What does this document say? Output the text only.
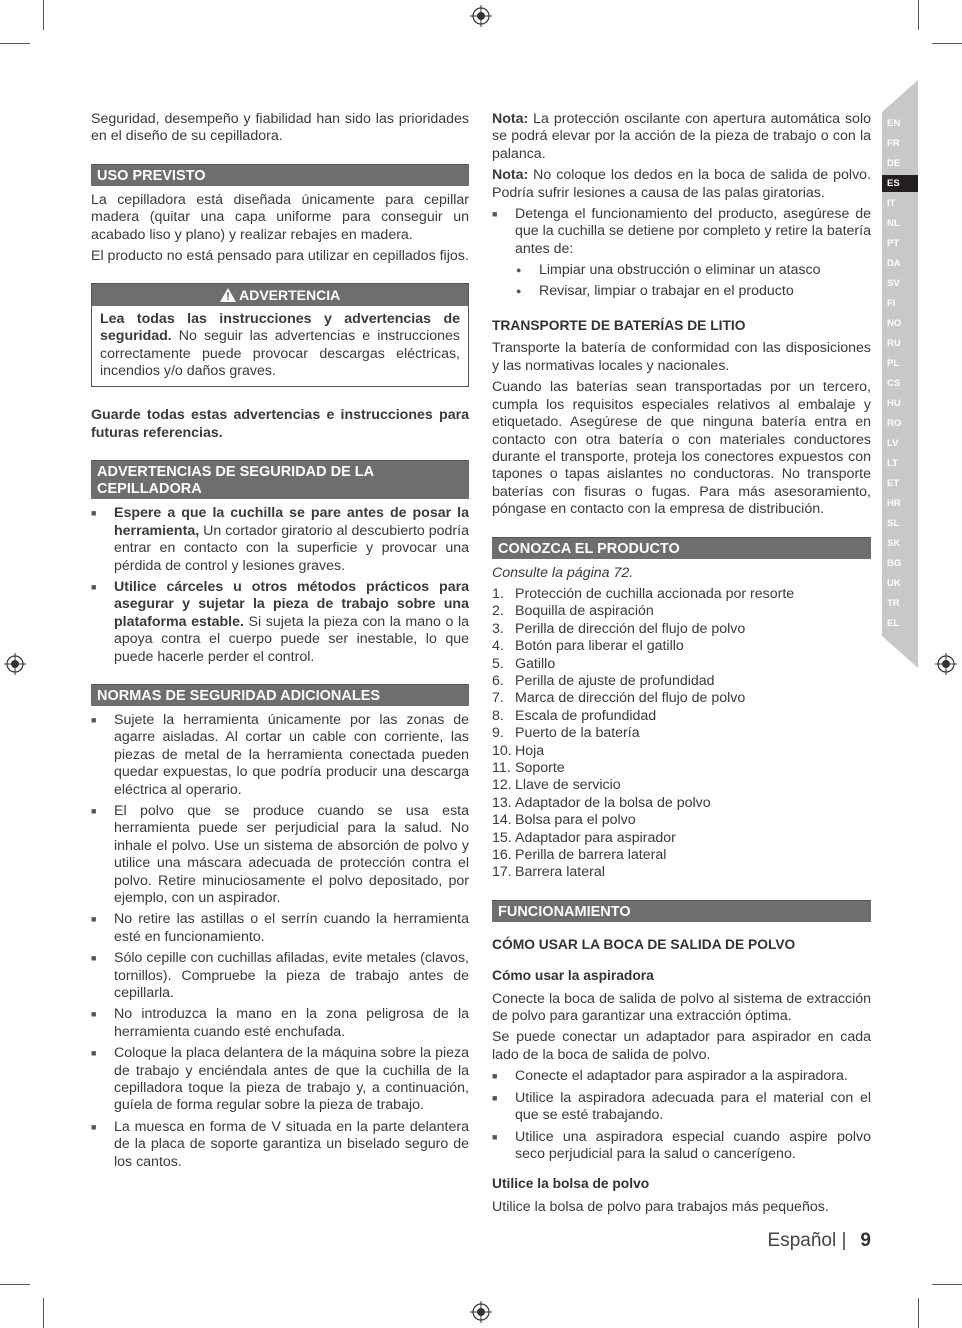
EN
FR
DE
ES
IT
NL
PT
DA
SV
FI
NO
RU
PL
CS
HU
RO
LV
LT
ET
HR
SL
SK
BG
UK
TR
EL

Seguridad, desempeño y fiabilidad han sido las prioridades en el diseño de su cepilladora.

USO PREVISTO

La cepilladora está diseñada únicamente para cepillar madera (quitar una capa uniforme para conseguir un acabado liso y plano) y realizar rebajes en madera.

El producto no está pensado para utilizar en cepillados fijos.

ADVERTENCIA

Lea todas las instrucciones y advertencias de seguridad. No seguir las advertencias e instrucciones correctamente puede provocar descargas eléctricas, incendios y/o daños graves.

Guarde todas estas advertencias e instrucciones para futuras referencias.

ADVERTENCIAS DE SEGURIDAD DE LA CEPILLADORA
■ Espere a que la cuchilla se pare antes de posar la herramienta, Un cortador giratorio al descubierto podría entrar en contacto con la superficie y provocar una pérdida de control y lesiones graves.
■ Utilice cárceles u otros métodos prácticos para asegurar y sujetar la pieza de trabajo sobre una plataforma estable. Si sujeta la pieza con la mano o la apoya contra el cuerpo puede ser inestable, lo que puede hacerle perder el control.
NORMAS DE SEGURIDAD ADICIONALES
■ Sujete la herramienta únicamente por las zonas de agarre aisladas. Al cortar un cable con corriente, las piezas de metal de la herramienta conectada pueden quedar expuestas, lo que podría producir una descarga eléctrica al operario.
■ El polvo que se produce cuando se usa esta herramienta puede ser perjudicial para la salud. No inhale el polvo. Use un sistema de absorción de polvo y utilice una máscara adecuada de protección contra el polvo. Retire minuciosamente el polvo depositado, por ejemplo, con un aspirador.
■ No retire las astillas o el serrín cuando la herramienta esté en funcionamiento.
■ Sólo cepille con cuchillas afiladas, evite metales (clavos, tornillos). Compruebe la pieza de trabajo antes de cepillarla.
■ No introduzca la mano en la zona peligrosa de la herramienta cuando esté enchufada.
■ Coloque la placa delantera de la máquina sobre la pieza de trabajo y enciéndala antes de que la cuchilla de la cepilladora toque la pieza de trabajo y, a continuación, guíela de forma regular sobre la pieza de trabajo.
■ La muesca en forma de V situada en la parte delantera de la placa de soporte garantiza un biselado seguro de los cantos.

Nota: La protección oscilante con apertura automática solo se podrá elevar por la acción de la pieza de trabajo o con la palanca.

Nota: No coloque los dedos en la boca de salida de polvo. Podría sufrir lesiones a causa de las palas giratorias.

■ Detenga el funcionamiento del producto, asegúrese de que la cuchilla se detiene por completo y retire la batería antes de:
● Limpiar una obstrucción o eliminar un atasco
● Revisar, limpiar o trabajar en el producto
TRANSPORTE DE BATERÍAS DE LITIO

Transporte la batería de conformidad con las disposiciones y las normativas locales y nacionales.

Cuando las baterías sean transportadas por un tercero, cumpla los requisitos especiales relativos al embalaje y etiquetado. Asegúrese de que ninguna batería entra en contacto con otra batería o con materiales conductores durante el transporte, proteja los conectores expuestos con tapones o tapas aislantes no conductoras. No transporte baterías con fisuras o fugas. Para más asesoramiento, póngase en contacto con la empresa de distribución.

CONOZCA EL PRODUCTO

Consulte la página 72.

1. Protección de cuchilla accionada por resorte
2. Boquilla de aspiración
3. Perilla de dirección del flujo de polvo
4. Botón para liberar el gatillo
5. Gatillo
6. Perilla de ajuste de profundidad
7. Marca de dirección del flujo de polvo
8. Escala de profundidad
9. Puerto de la batería
10. Hoja
11. Soporte
12. Llave de servicio
13. Adaptador de la bolsa de polvo
14. Bolsa para el polvo
15. Adaptador para aspirador
16. Perilla de barrera lateral
17. Barrera lateral
FUNCIONAMIENTO
CÓMO USAR LA BOCA DE SALIDA DE POLVO
Cómo usar la aspiradora

Conecte la boca de salida de polvo al sistema de extracción de polvo para garantizar una extracción óptima.

Se puede conectar un adaptador para aspirador en cada lado de la boca de salida de polvo.

■ Conecte el adaptador para aspirador a la aspiradora.
■ Utilice la aspiradora adecuada para el material con el que se esté trabajando.
■ Utilice una aspiradora especial cuando aspire polvo seco perjudicial para la salud o cancerígeno.
Utilice la bolsa de polvo

Utilice la bolsa de polvo para trabajos más pequeños.

Español | 9
